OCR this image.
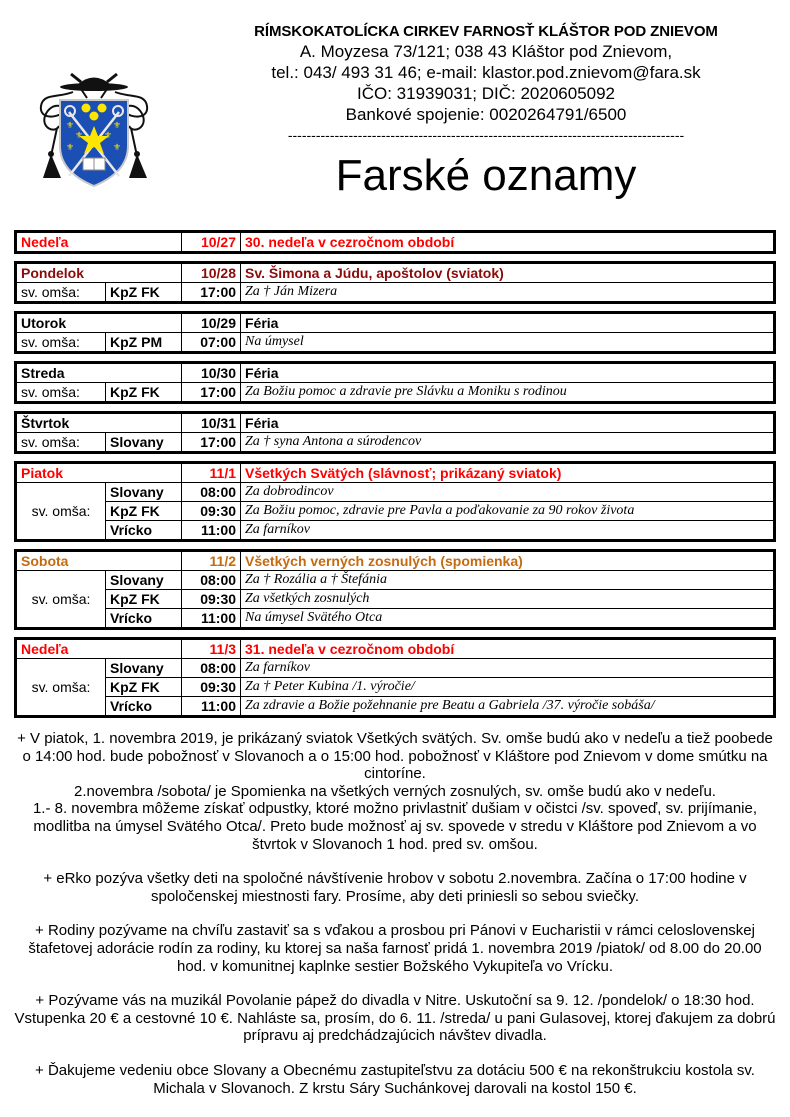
⚜
⚜
⚜
⚜
⚜
⚜
RÍMSKOKATOLÍCKA CIRKEV FARNOSŤ KLÁŠTOR POD ZNIEVOM
A. Moyzesa 73/121; 038 43 Kláštor pod Znievom,
tel.: 043/ 493 31 46; e-mail: klastor.pod.znievom@fara.sk
IČO: 31939031; DIČ: 2020605092
Bankové spojenie: 0020264791/6500
-------------------------------------------------------------------------------------
Farské oznamy
Nedeľa	10/27	30. nedeľa v cezročnom období
Pondelok		10/28	Sv. Šimona a Júdu, apoštolov (sviatok)
sv. omša:	KpZ FK	17:00	Za † Ján Mizera
Utorok		10/29	Féria
sv. omša:	KpZ PM	07:00	Na úmysel
Streda		10/30	Féria
sv. omša:	KpZ FK	17:00	Za Božiu pomoc a zdravie pre Slávku a Moniku s rodinou
Štvrtok		10/31	Féria
sv. omša:	Slovany	17:00	Za † syna Antona a súrodencov
Piatok		11/1	Všetkých Svätých (slávnosť; prikázaný sviatok)
sv. omša:	Slovany	08:00	Za dobrodincov
	KpZ FK	09:30	Za Božiu pomoc, zdravie pre Pavla a poďakovanie za 90 rokov života
	Vrícko	11:00	Za farníkov
Sobota		11/2	Všetkých verných zosnulých (spomienka)
sv. omša:	Slovany	08:00	Za † Rozália a † Štefánia
	KpZ FK	09:30	Za všetkých zosnulých
	Vrícko	11:00	Na úmysel Svätého Otca
Nedeľa		11/3	31. nedeľa v cezročnom období
sv. omša:	Slovany	08:00	Za farníkov
	KpZ FK	09:30	Za † Peter Kubina /1. výročie/
	Vrícko	11:00	Za zdravie a Božie požehnanie pre Beatu a Gabriela /37. výročie sobáša/

+ V piatok, 1. novembra 2019, je prikázaný sviatok Všetkých svätých. Sv. omše budú ako v nedeľu a tiež poobede o 14:00 hod. bude pobožnosť v Slovanoch a o 15:00 hod. pobožnosť v Kláštore pod Znievom v dome smútku na cintoríne.

2.novembra /sobota/ je Spomienka na všetkých verných zosnulých, sv. omše budú ako v nedeľu.

1.- 8. novembra môžeme získať odpustky, ktoré možno privlastniť dušiam v očistci /sv. spoveď, sv. prijímanie, modlitba na úmysel Svätého Otca/. Preto bude možnosť aj sv. spovede v stredu v Kláštore pod Znievom a vo štvrtok v Slovanoch 1 hod. pred sv. omšou.

+ eRko pozýva všetky deti na spoločné návštívenie hrobov v sobotu 2.novembra. Začína o 17:00 hodine v spoločenskej miestnosti fary. Prosíme, aby deti priniesli so sebou sviečky.

+ Rodiny pozývame na chvíľu zastaviť sa s vďakou a prosbou pri Pánovi v Eucharistii v rámci celoslovenskej štafetovej adorácie rodín za rodiny, ku ktorej sa naša farnosť pridá 1. novembra 2019 /piatok/ od 8.00 do 20.00 hod. v komunitnej kaplnke sestier Božského Vykupiteľa vo Vrícku.

+ Pozývame vás na muzikál Povolanie pápež do divadla v Nitre. Uskutoční sa 9. 12. /pondelok/ o 18:30 hod. Vstupenka 20 € a cestovné 10 €. Nahláste sa, prosím, do 6. 11. /streda/ u pani Gulasovej, ktorej ďakujem za dobrú prípravu aj predchádzajúcich návštev divadla.

+ Ďakujeme vedeniu obce Slovany a Obecnému zastupiteľstvu za dotáciu 500 € na rekonštrukciu kostola sv. Michala v Slovanoch. Z krstu Sáry Suchánkovej darovali na kostol 150 €.
